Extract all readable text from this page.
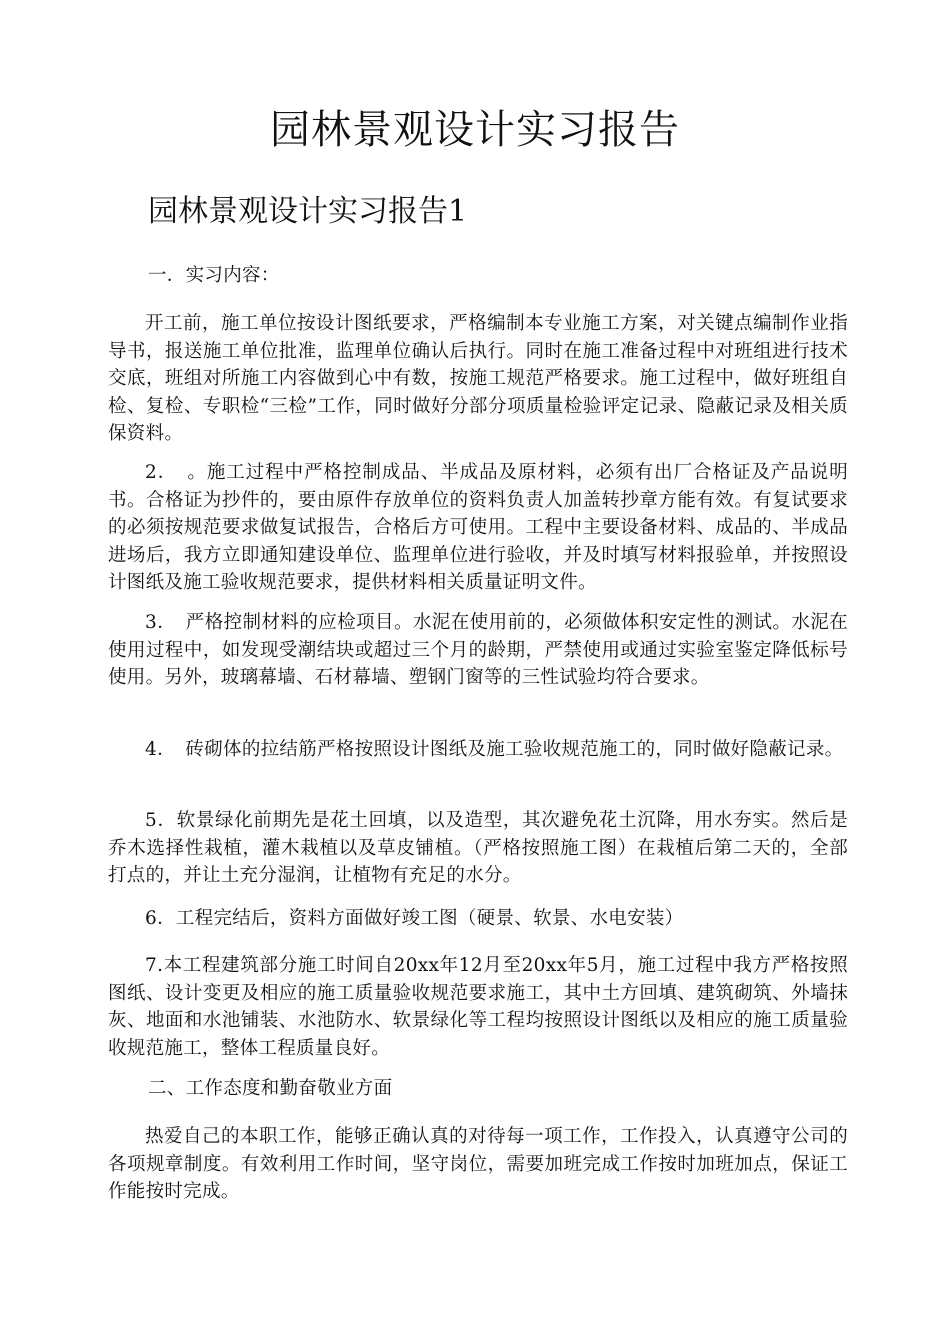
园林景观设计实习报告
园林景观设计实习报告1

一．实习内容：

开工前，施工单位按设计图纸要求，严格编制本专业施工方案，对关键点编制作业指导书，报送施工单位批准，监理单位确认后执行。同时在施工准备过程中对班组进行技术交底，班组对所施工内容做到心中有数，按施工规范严格要求。施工过程中，做好班组自检、复检、专职检“三检”工作，同时做好分部分项质量检验评定记录、隐蔽记录及相关质保资料。

2．　。施工过程中严格控制成品、半成品及原材料，必须有出厂合格证及产品说明书。合格证为抄件的，要由原件存放单位的资料负责人加盖转抄章方能有效。有复试要求的必须按规范要求做复试报告，合格后方可使用。工程中主要设备材料、成品的、半成品进场后，我方立即通知建设单位、监理单位进行验收，并及时填写材料报验单，并按照设计图纸及施工验收规范要求，提供材料相关质量证明文件。

3．　严格控制材料的应检项目。水泥在使用前的，必须做体积安定性的测试。水泥在使用过程中，如发现受潮结块或超过三个月的龄期，严禁使用或通过实验室鉴定降低标号使用。另外，玻璃幕墙、石材幕墙、塑钢门窗等的三性试验均符合要求。

4．　砖砌体的拉结筋严格按照设计图纸及施工验收规范施工的，同时做好隐蔽记录。

5．软景绿化前期先是花土回填，以及造型，其次避免花土沉降，用水夯实。然后是乔木选择性栽植，灌木栽植以及草皮铺植。（严格按照施工图）在栽植后第二天的，全部打点的，并让土充分湿润，让植物有充足的水分。

6．工程完结后，资料方面做好竣工图（硬景、软景、水电安装）

7.本工程建筑部分施工时间自20xx年12月至20xx年5月，施工过程中我方严格按照图纸、设计变更及相应的施工质量验收规范要求施工，其中土方回填、建筑砌筑、外墙抹灰、地面和水池铺装、水池防水、软景绿化等工程均按照设计图纸以及相应的施工质量验收规范施工，整体工程质量良好。

二、工作态度和勤奋敬业方面

热爱自己的本职工作，能够正确认真的对待每一项工作，工作投入，认真遵守公司的各项规章制度。有效利用工作时间，坚守岗位，需要加班完成工作按时加班加点，保证工作能按时完成。
